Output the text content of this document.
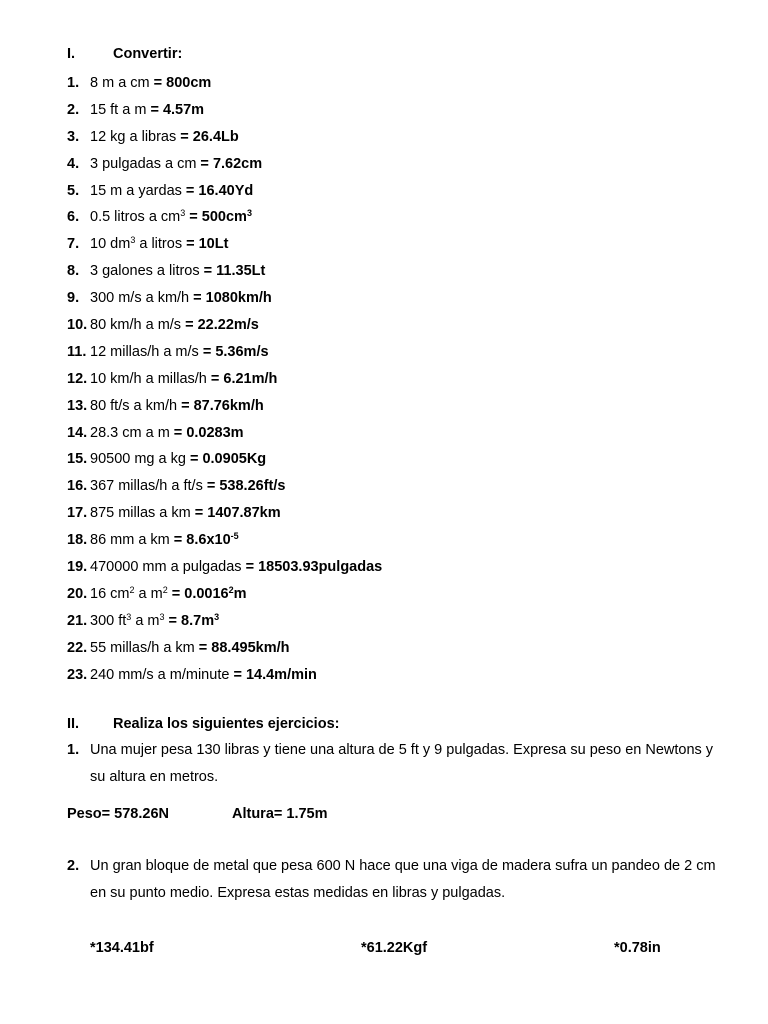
I.	Convertir:
1. 8 m a cm = 800cm
2. 15 ft a m = 4.57m
3. 12 kg a libras = 26.4Lb
4. 3 pulgadas a cm = 7.62cm
5. 15 m a yardas = 16.40Yd
6. 0.5 litros a $cm^3 = 500cm^3$
7. 10 $dm^3$ a litros = 10Lt
8. 3 galones a litros = 11.35Lt
9. 300 m/s a km/h = 1080km/h
10. 80 km/h a m/s = 22.22m/s
11. 12 millas/h a m/s = 5.36m/s
12. 10 km/h a millas/h = 6.21m/h
13. 80 ft/s a km/h = 87.76km/h
14. 28.3 cm a m = 0.0283m
15. 90500 mg a kg = 0.0905Kg
16. 367 millas/h a ft/s = 538.26ft/s
17. 875 millas a km = 1407.87km
18. 86 mm a km = $8.6x10^{-5}$
19. 470000 mm a pulgadas = 18503.93pulgadas
20. 16 $cm^2$ a $m^2 = 0.0016^2m$
21. 300 $ft^3$ a $m^3 = 8.7m^3$
22. 55 millas/h a km = 88.495km/h
23. 240 mm/s a m/minute = 14.4m/min
II. Realiza los siguientes ejercicios:
1. Una mujer pesa 130 libras y tiene una altura de 5 ft y 9 pulgadas. Expresa su peso en Newtons y su altura en metros.
Peso= 578.26N	Altura= 1.75m
2. Un gran bloque de metal que pesa 600 N hace que una viga de madera sufra un pandeo de 2 cm en su punto medio. Expresa estas medidas en libras y pulgadas.
*134.41bf	*61.22Kgf	*0.78in
